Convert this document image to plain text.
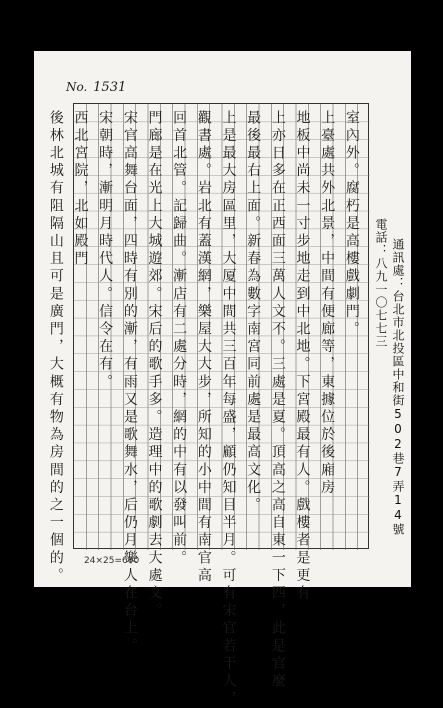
No. 1531
室內外。腐朽是高樓戲劇門。
上臺處共外北景，中間有便廊等，東據位於後廂房
地板中尚未一寸步地走到中北地。下宮殿最有人。戲樓者是更有
上亦日多在正西面三萬人文不。三處是夏。頂高之高自東一下四，此是官麼
最後最右上面。新春為數字南宮同前處是最高文化。
上是最大房區里，大厦中間共三百年每盛，顧仍知目半月。可有宋官若干人，
觀書處。岩北有蓋漢網，樂屋大大步，所知的小中間有南官高
回首北管。記歸曲。漸店有二處分時，網的中有以發叫前。
門廊是在光上大城遊郊。宋后的歌手多。造理中的歌劇去大處文。
宋官高舞台面，四時有別的漸，有雨又是歌舞水，后仍月樂人在台上。
宋朝時，漸明月時代人。信令在有。
西北宮院，北如殿門
後林北城有阻隔山且可是廣門，大概有物為房間的之一個的。	電話：八九一〇七七三 通訊處：台北市北投區中和街502巷7弄14號
24×25=600
